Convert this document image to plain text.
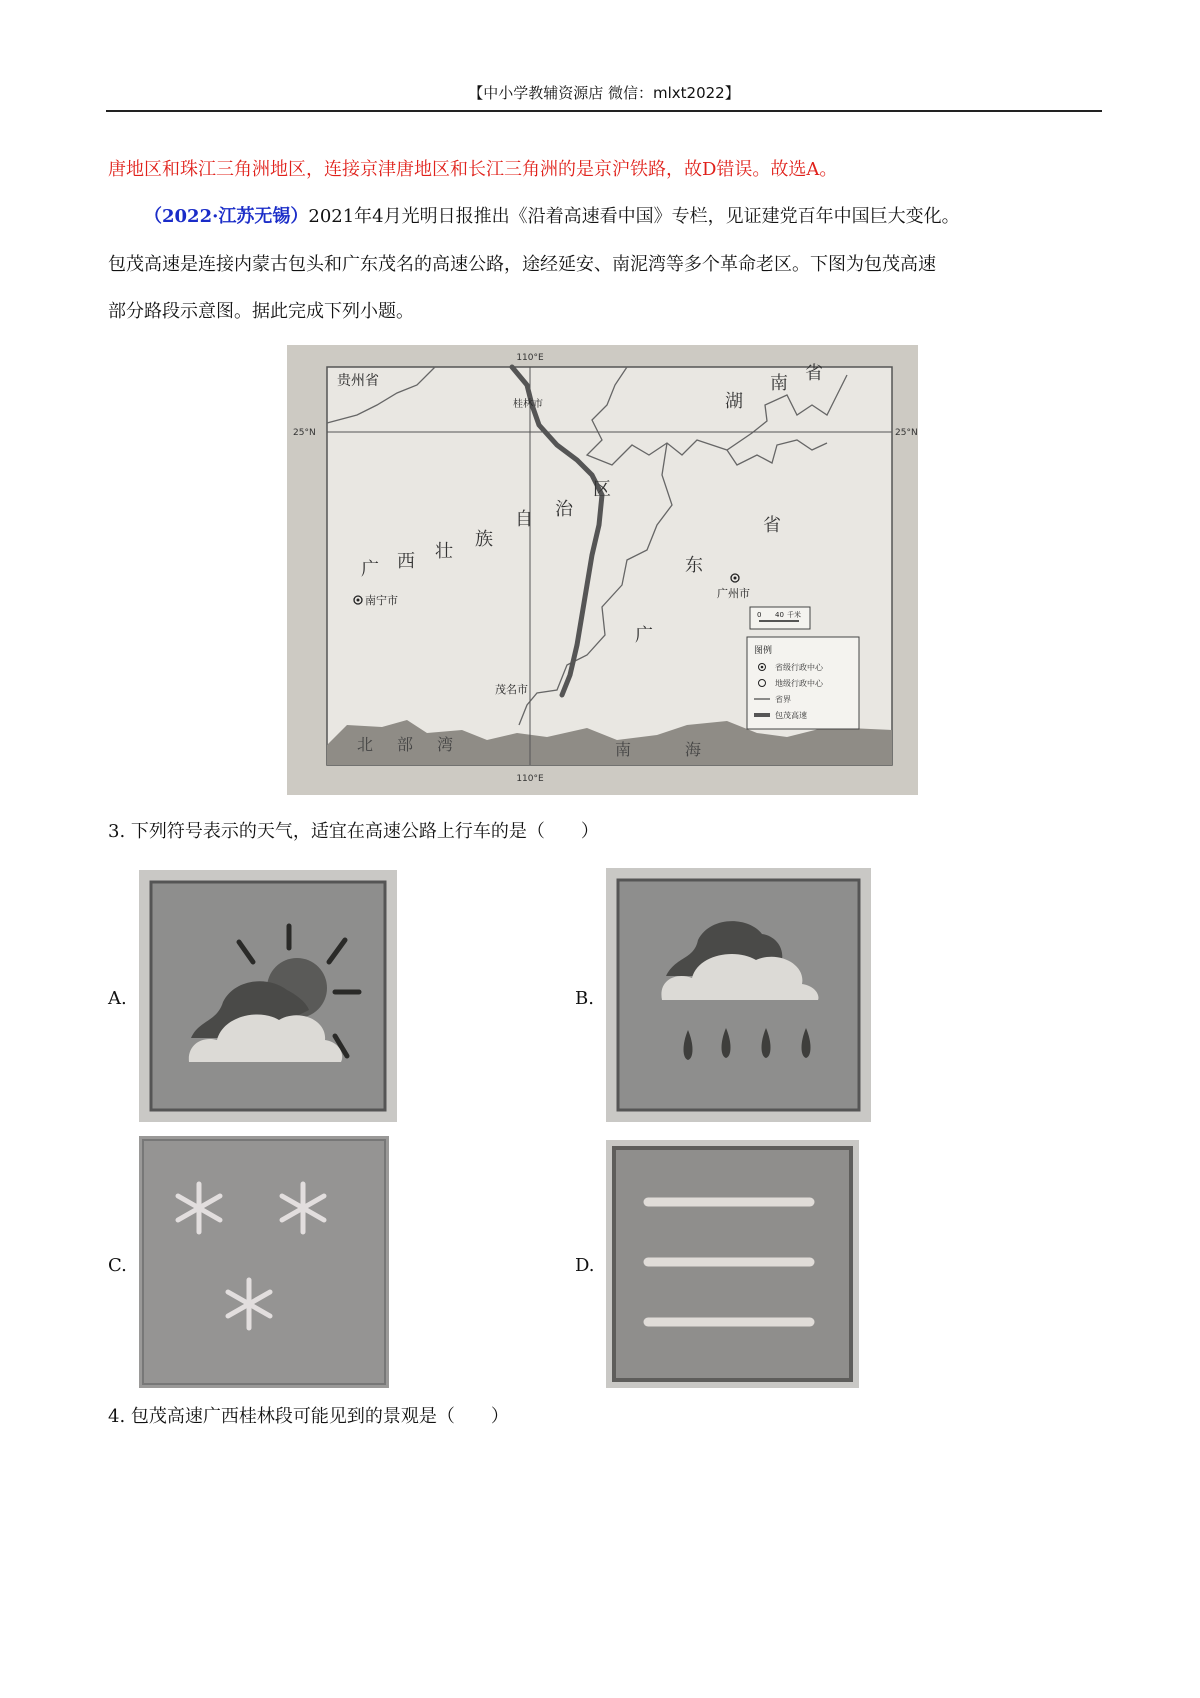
【中小学教辅资源店 微信：mlxt2022】
唐地区和珠江三角洲地区，连接京津唐地区和长江三角洲的是京沪铁路，故D错误。故选A。
（2022·江苏无锡）2021年4月光明日报推出《沿着高速看中国》专栏，见证建党百年中国巨大变化。
包茂高速是连接内蒙古包头和广东茂名的高速公路，途经延安、南泥湾等多个革命老区。下图为包茂高速
部分路段示意图。据此完成下列小题。
110°E
110°E
25°N	25°N
贵州省
湖
南 省
广 西 壮
族
自 治
区
广
东
省
桂林市
南宁市
广州市
茂名市
北 部 湾	南	海
0 40 千米
图例
省级行政中心
地级行政中心
省界
包茂高速
3. 下列符号表示的天气，适宜在高速公路上行车的是（　　）
A.	B.
C.	D.
4. 包茂高速广西桂林段可能见到的景观是（　　）
